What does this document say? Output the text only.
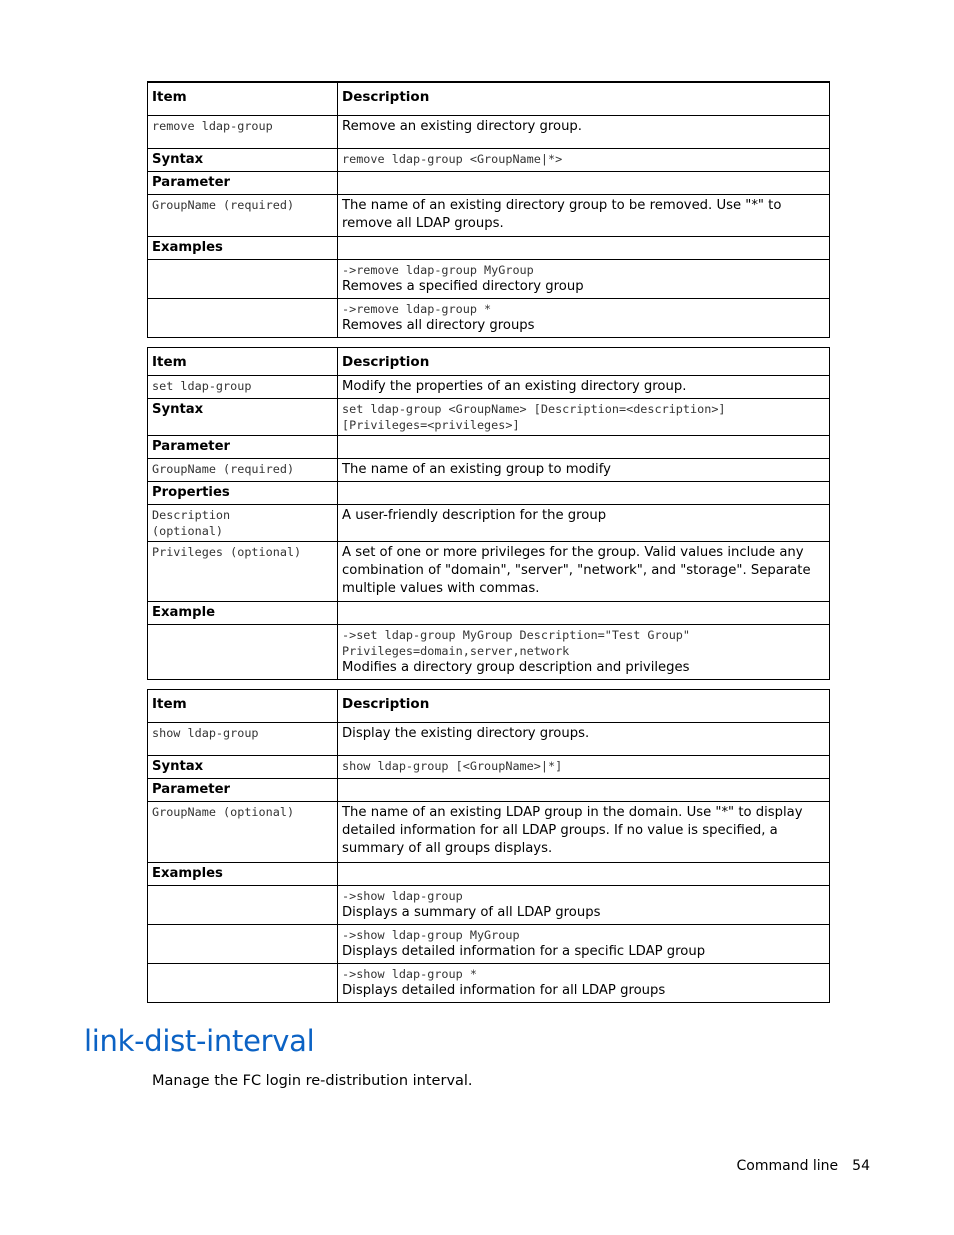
Item	Description

remove ldap-group	Remove an existing directory group.

Syntax	remove ldap-group <GroupName|*>

Parameter	

GroupName (required)	The name of an existing directory group to be removed. Use "*" to remove all LDAP groups.

Examples	

	->remove ldap-group MyGroup
Removes a specified directory group

	->remove ldap-group *
Removes all directory groups
Item	Description

set ldap-group	Modify the properties of an existing directory group.

Syntax	set ldap-group <GroupName> [Description=<description>]
[Privileges=<privileges>]

Parameter	

GroupName (required)	The name of an existing group to modify

Properties	

Description
(optional)	A user-friendly description for the group

Privileges (optional)	A set of one or more privileges for the group. Valid values include any combination of "domain", "server", "network", and "storage". Separate multiple values with commas.

Example	

	->set ldap-group MyGroup Description="Test Group"
Privileges=domain,server,network
Modifies a directory group description and privileges
Item	Description

show ldap-group	Display the existing directory groups.

Syntax	show ldap-group [<GroupName>|*]

Parameter	

GroupName (optional)	The name of an existing LDAP group in the domain. Use "*" to display detailed information for all LDAP groups. If no value is specified, a summary of all groups displays.

Examples	

	->show ldap-group
Displays a summary of all LDAP groups

	->show ldap-group MyGroup
Displays detailed information for a specific LDAP group

	->show ldap-group *
Displays detailed information for all LDAP groups
link-dist-interval

Manage the FC login re-distribution interval.

Command line 54
